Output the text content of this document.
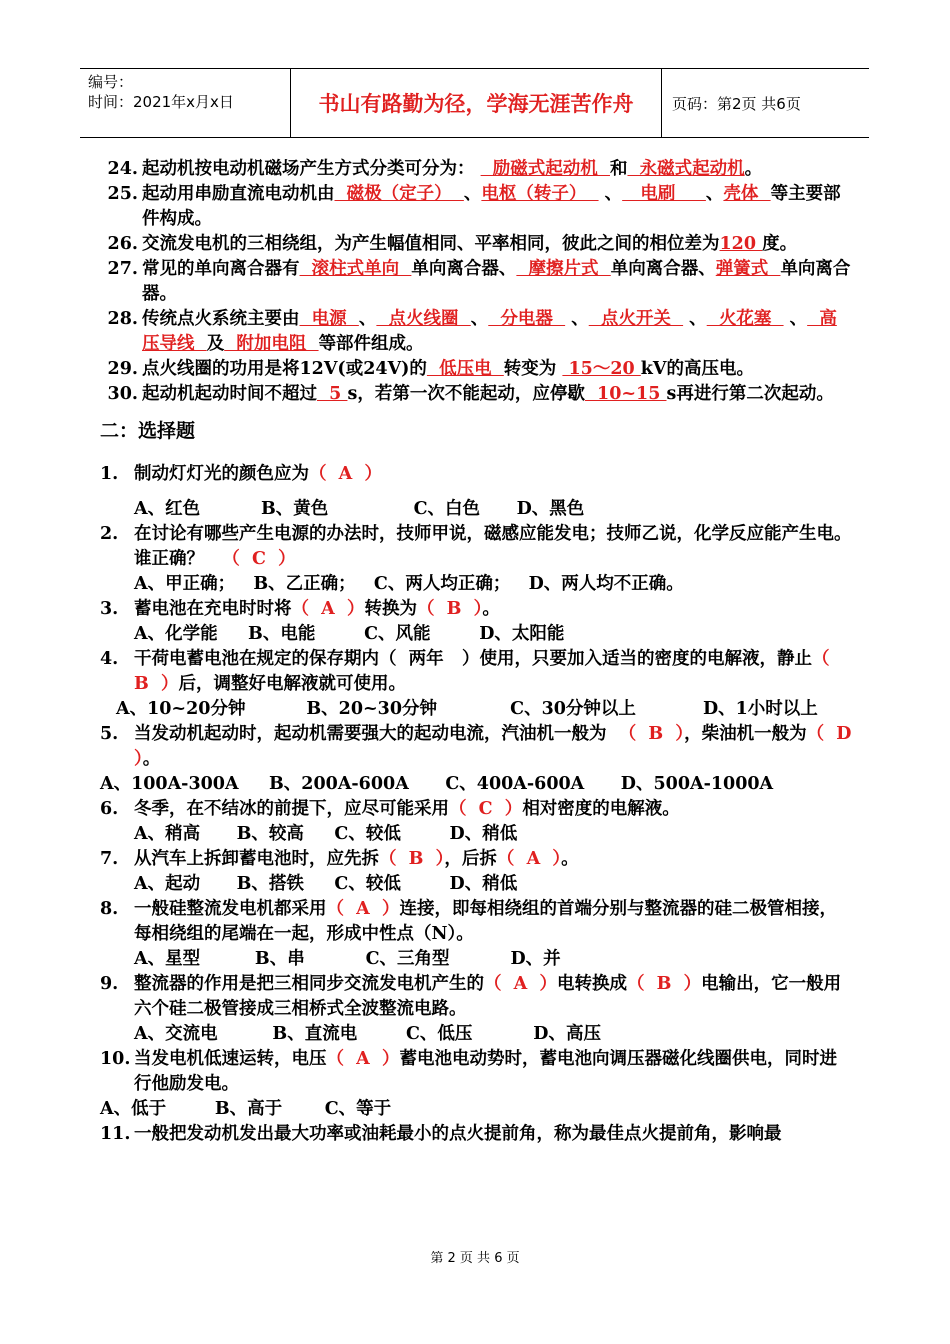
编号：
时间：2021年x月x日	书山有路勤为径，学海无涯苦作舟	页码：第2页 共6页
24. 起动机按电动机磁场产生方式分类可分为：   励磁式起动机  和  永磁式起动机。
25. 起动用串励直流电动机由  磁极（定子）  、电枢（转子）   、   电刷     、壳体  等主要部件构成。
26. 交流发电机的三相绕组，为产生幅值相同、平率相同，彼此之间的相位差为120 度。
27. 常见的单向离合器有  滚柱式单向  单向离合器、  摩擦片式  单向离合器、弹簧式  单向离合器。
28. 传统点火系统主要由  电源  、  点火线圈  、  分电器   、  点火开关   、  火花塞   、  高压导线  及  附加电阻  等部件组成。
29. 点火线圈的功用是将12V(或24V)的  低压电  转变为  15～20 kV的高压电。
30. 起动机起动时间不超过  5 s，若第一次不能起动，应停歇  10~15 s再进行第二次起动。
二：选择题
1. 制动灯灯光的颜色应为（  A  ）
A、红色          B、黄色              C、白色      D、黑色
2. 在讨论有哪些产生电源的办法时，技师甲说，磁感应能发电；技师乙说，化学反应能产生电。谁正确？   （  C  ）
A、甲正确；   B、乙正确；   C、两人均正确；   D、两人均不正确。
3. 蓄电池在充电时时将（  A  ）转换为（  B  ）。
A、化学能     B、电能        C、风能        D、太阳能
4. 干荷电蓄电池在规定的保存期内（  两年   ）使用，只要加入适当的密度的电解液，静止（  B  ）后，调整好电解液就可使用。
A、10~20分钟          B、20~30分钟            C、30分钟以上           D、1小时以上
5. 当发动机起动时，起动机需要强大的起动电流，汽油机一般为  （  B  ），柴油机一般为（  D  ）。
A、100A-300A     B、200A-600A      C、400A-600A      D、500A-1000A
6. 冬季，在不结冰的前提下，应尽可能采用（  C  ）相对密度的电解液。
A、稍高      B、较高     C、较低        D、稍低
7. 从汽车上拆卸蓄电池时，应先拆（  B  ），后拆（  A  ）。
A、起动      B、搭铁     C、较低        D、稍低
8. 一般硅整流发电机都采用（  A  ）连接，即每相绕组的首端分别与整流器的硅二极管相接，每相绕组的尾端在一起，形成中性点（N）。
A、星型         B、串          C、三角型          D、并
9. 整流器的作用是把三相同步交流发电机产生的（  A  ）电转换成（  B  ）电输出，它一般用六个硅二极管接成三相桥式全波整流电路。
A、交流电         B、直流电        C、低压          D、高压
10. 当发电机低速运转，电压（  A  ）蓄电池电动势时，蓄电池向调压器磁化线圈供电，同时进行他励发电。
A、低于        B、高于       C、等于
11. 一般把发动机发出最大功率或油耗最小的点火提前角，称为最佳点火提前角，影响最
第 2 页 共 6 页
